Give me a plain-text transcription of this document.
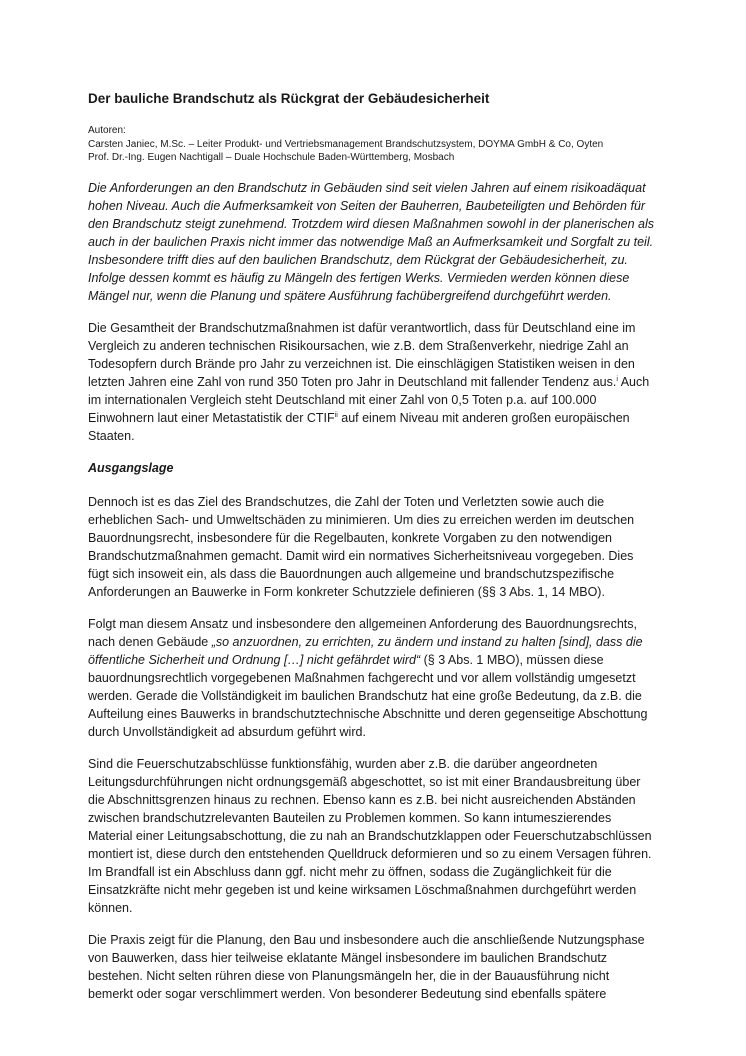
Der bauliche Brandschutz als Rückgrat der Gebäudesicherheit
Autoren:
Carsten Janiec, M.Sc. – Leiter Produkt- und Vertriebsmanagement Brandschutzsystem, DOYMA GmbH & Co, Oyten
Prof. Dr.-Ing. Eugen Nachtigall – Duale Hochschule Baden-Württemberg, Mosbach

Die Anforderungen an den Brandschutz in Gebäuden sind seit vielen Jahren auf einem risikoadäquat hohen Niveau. Auch die Aufmerksamkeit von Seiten der Bauherren, Baubeteiligten und Behörden für den Brandschutz steigt zunehmend. Trotzdem wird diesen Maßnahmen sowohl in der planerischen als auch in der baulichen Praxis nicht immer das notwendige Maß an Aufmerksamkeit und Sorgfalt zu teil. Insbesondere trifft dies auf den baulichen Brandschutz, dem Rückgrat der Gebäudesicherheit, zu. Infolge dessen kommt es häufig zu Mängeln des fertigen Werks. Vermieden werden können diese Mängel nur, wenn die Planung und spätere Ausführung fachübergreifend durchgeführt werden.

Die Gesamtheit der Brandschutzmaßnahmen ist dafür verantwortlich, dass für Deutschland eine im Vergleich zu anderen technischen Risikoursachen, wie z.B. dem Straßenverkehr, niedrige Zahl an Todesopfern durch Brände pro Jahr zu verzeichnen ist. Die einschlägigen Statistiken weisen in den letzten Jahren eine Zahl von rund 350 Toten pro Jahr in Deutschland mit fallender Tendenz aus.$^i$ Auch im internationalen Vergleich steht Deutschland mit einer Zahl von 0,5 Toten p.a. auf 100.000 Einwohnern laut einer Metastatistik der CTIF$^{ii}$ auf einem Niveau mit anderen großen europäischen Staaten.

Ausgangslage

Dennoch ist es das Ziel des Brandschutzes, die Zahl der Toten und Verletzten sowie auch die erheblichen Sach- und Umweltschäden zu minimieren. Um dies zu erreichen werden im deutschen Bauordnungsrecht, insbesondere für die Regelbauten, konkrete Vorgaben zu den notwendigen Brandschutzmaßnahmen gemacht. Damit wird ein normatives Sicherheitsniveau vorgegeben. Dies fügt sich insoweit ein, als dass die Bauordnungen auch allgemeine und brandschutzspezifische Anforderungen an Bauwerke in Form konkreter Schutzziele definieren (§§ 3 Abs. 1, 14 MBO).

Folgt man diesem Ansatz und insbesondere den allgemeinen Anforderung des Bauordnungsrechts, nach denen Gebäude „so anzuordnen, zu errichten, zu ändern und instand zu halten [sind], dass die öffentliche Sicherheit und Ordnung […] nicht gefährdet wird“ (§ 3 Abs. 1 MBO), müssen diese bauordnungsrechtlich vorgegebenen Maßnahmen fachgerecht und vor allem vollständig umgesetzt werden. Gerade die Vollständigkeit im baulichen Brandschutz hat eine große Bedeutung, da z.B. die Aufteilung eines Bauwerks in brandschutztechnische Abschnitte und deren gegenseitige Abschottung durch Unvollständigkeit ad absurdum geführt wird.

Sind die Feuerschutzabschlüsse funktionsfähig, wurden aber z.B. die darüber angeordneten Leitungsdurchführungen nicht ordnungsgemäß abgeschottet, so ist mit einer Brandausbreitung über die Abschnittsgrenzen hinaus zu rechnen. Ebenso kann es z.B. bei nicht ausreichenden Abständen zwischen brandschutzrelevanten Bauteilen zu Problemen kommen. So kann intumeszierendes Material einer Leitungsabschottung, die zu nah an Brandschutzklappen oder Feuerschutzabschlüssen montiert ist, diese durch den entstehenden Quelldruck deformieren und so zu einem Versagen führen. Im Brandfall ist ein Abschluss dann ggf. nicht mehr zu öffnen, sodass die Zugänglichkeit für die Einsatzkräfte nicht mehr gegeben ist und keine wirksamen Löschmaßnahmen durchgeführt werden können.

Die Praxis zeigt für die Planung, den Bau und insbesondere auch die anschließende Nutzungsphase von Bauwerken, dass hier teilweise eklatante Mängel insbesondere im baulichen Brandschutz bestehen. Nicht selten rühren diese von Planungsmängeln her, die in der Bauausführung nicht bemerkt oder sogar verschlimmert werden. Von besonderer Bedeutung sind ebenfalls spätere
